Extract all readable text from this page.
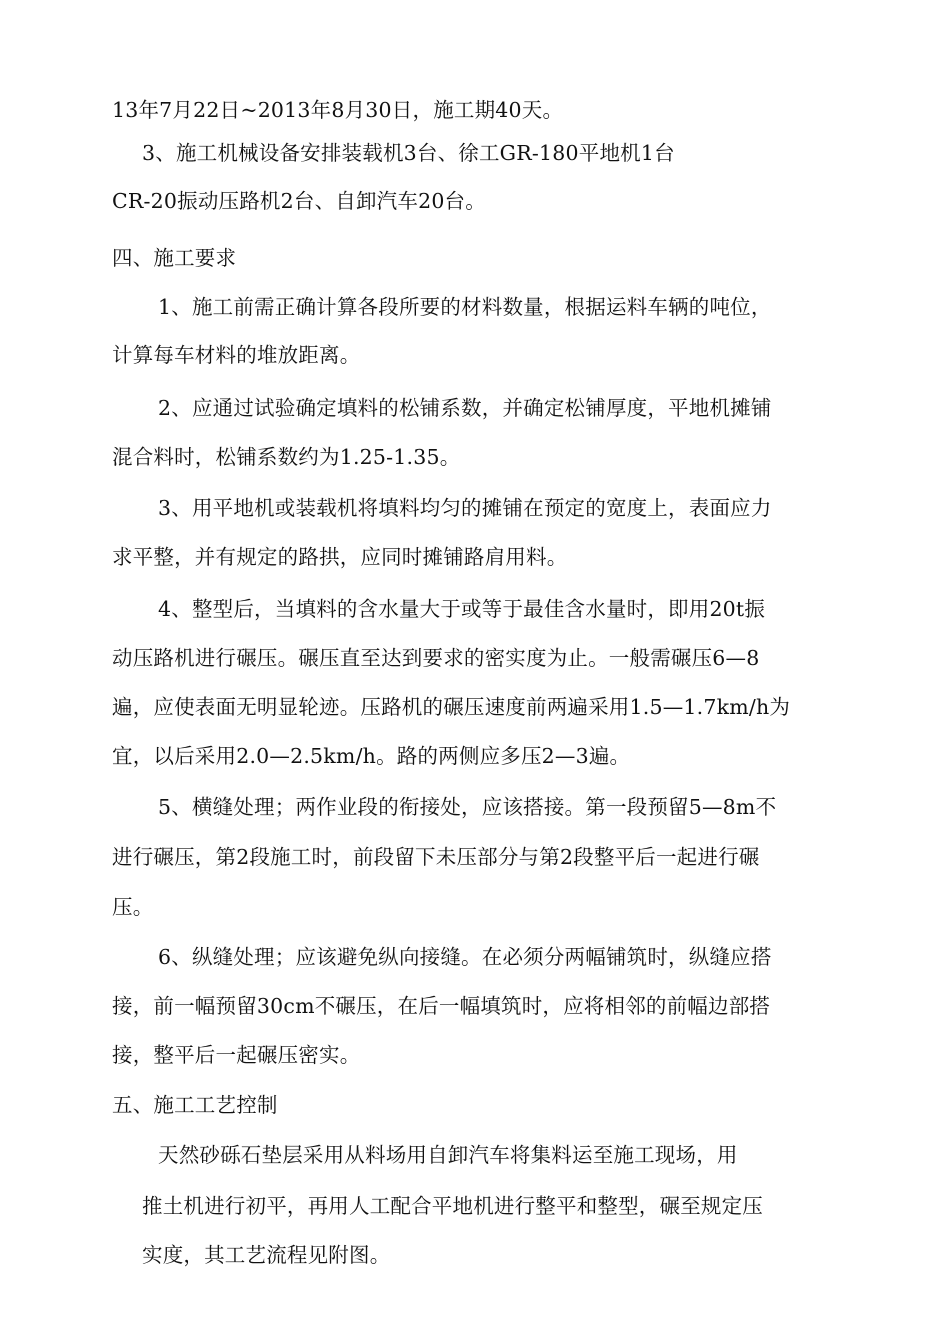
13年7月22日~2013年8月30日，施工期40天。
3、施工机械设备安排装载机3台、徐工GR-180平地机1台
CR-20振动压路机2台、自卸汽车20台。
四、施工要求
1、施工前需正确计算各段所要的材料数量，根据运料车辆的吨位，
计算每车材料的堆放距离。
2、应通过试验确定填料的松铺系数，并确定松铺厚度，平地机摊铺
混合料时，松铺系数约为1.25-1.35。
3、用平地机或装载机将填料均匀的摊铺在预定的宽度上，表面应力
求平整，并有规定的路拱，应同时摊铺路肩用料。
4、整型后，当填料的含水量大于或等于最佳含水量时，即用20t振
动压路机进行碾压。碾压直至达到要求的密实度为止。一般需碾压6—8
遍，应使表面无明显轮迹。压路机的碾压速度前两遍采用1.5—1.7km/h为
宜，以后采用2.0—2.5km/h。路的两侧应多压2—3遍。
5、横缝处理；两作业段的衔接处，应该搭接。第一段预留5—8m不
进行碾压，第2段施工时，前段留下未压部分与第2段整平后一起进行碾
压。
6、纵缝处理；应该避免纵向接缝。在必须分两幅铺筑时，纵缝应搭
接，前一幅预留30cm不碾压，在后一幅填筑时，应将相邻的前幅边部搭
接，整平后一起碾压密实。
五、施工工艺控制
天然砂砾石垫层采用从料场用自卸汽车将集料运至施工现场，用
推土机进行初平，再用人工配合平地机进行整平和整型，碾至规定压
实度，其工艺流程见附图。
